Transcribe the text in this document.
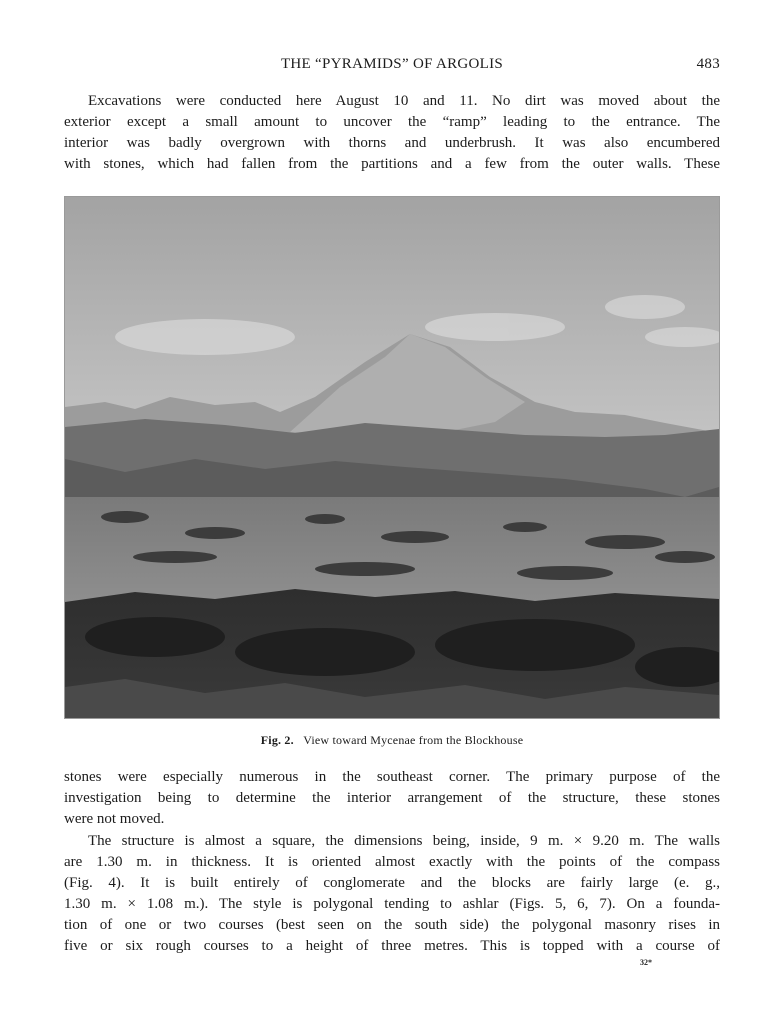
THE “PYRAMIDS” OF ARGOLIS	483

Excavations were conducted here August 10 and 11. No dirt was moved about the
exterior except a small amount to uncover the “ramp” leading to the entrance. The
interior was badly overgrown with thorns and underbrush. It was also encumbered
with stones, which had fallen from the partitions and a few from the outer walls. These

Fig. 2. View toward Mycenae from the Blockhouse

stones were especially numerous in the southeast corner. The primary purpose of the
investigation being to determine the interior arrangement of the structure, these stones
were not moved.

The structure is almost a square, the dimensions being, inside, 9 m. × 9.20 m. The walls
are 1.30 m. in thickness. It is oriented almost exactly with the points of the compass
(Fig. 4). It is built entirely of conglomerate and the blocks are fairly large (e. g.,
1.30 m. × 1.08 m.). The style is polygonal tending to ashlar (Figs. 5, 6, 7). On a founda-
tion of one or two courses (best seen on the south side) the polygonal masonry rises in
five or six rough courses to a height of three metres. This is topped with a course of

32*
